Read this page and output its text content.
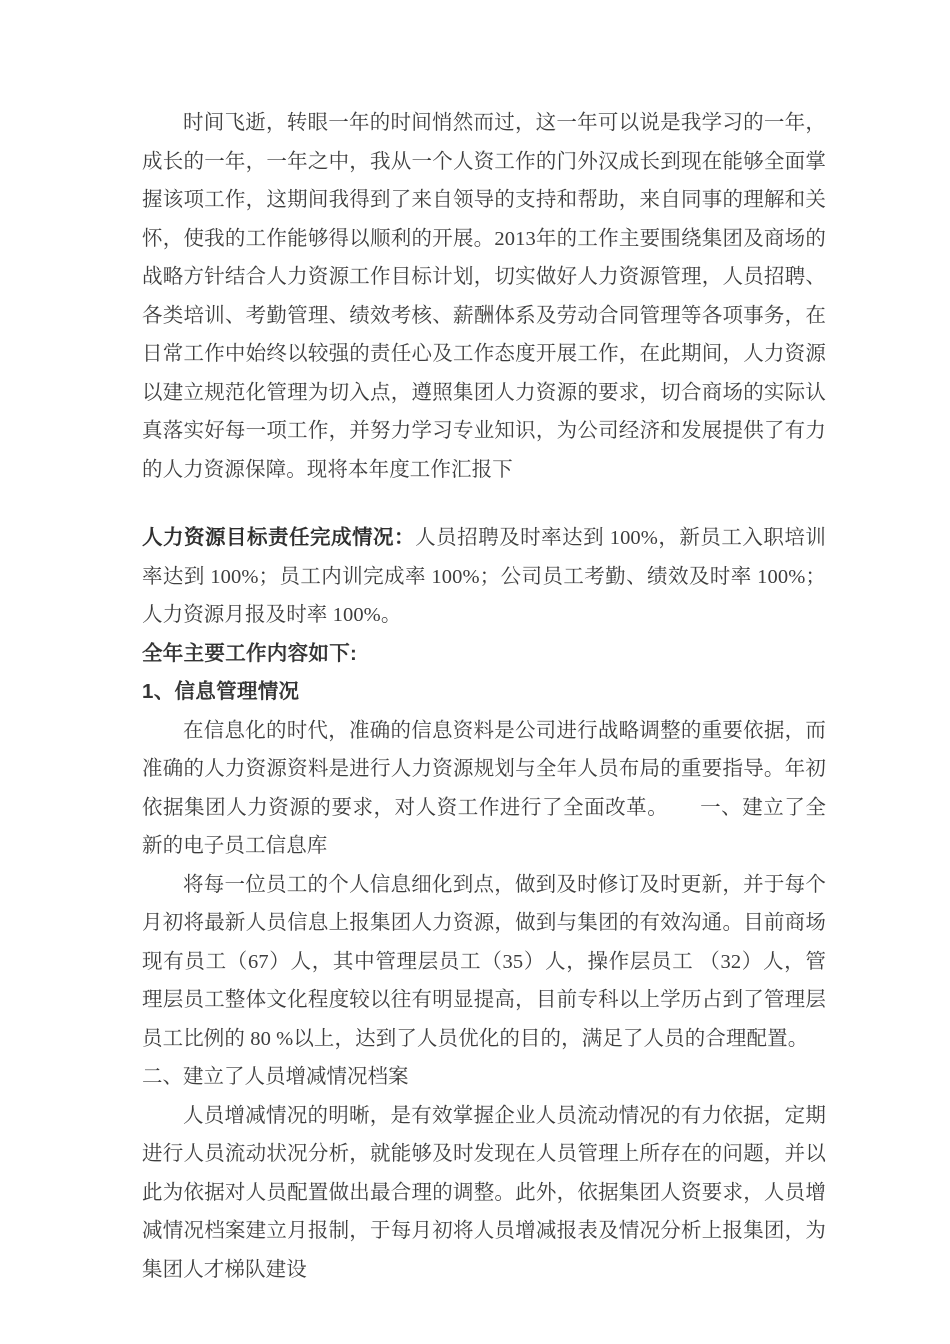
时间飞逝，转眼一年的时间悄然而过，这一年可以说是我学习的一年，成长的一年，一年之中，我从一个人资工作的门外汉成长到现在能够全面掌握该项工作，这期间我得到了来自领导的支持和帮助，来自同事的理解和关怀，使我的工作能够得以顺利的开展。2013年的工作主要围绕集团及商场的战略方针结合人力资源工作目标计划，切实做好人力资源管理，人员招聘、各类培训、考勤管理、绩效考核、薪酬体系及劳动合同管理等各项事务，在日常工作中始终以较强的责任心及工作态度开展工作，在此期间，人力资源以建立规范化管理为切入点，遵照集团人力资源的要求，切合商场的实际认真落实好每一项工作，并努力学习专业知识，为公司经济和发展提供了有力的人力资源保障。现将本年度工作汇报下

人力资源目标责任完成情况：人员招聘及时率达到 100%，新员工入职培训率达到 100%；员工内训完成率 100%；公司员工考勤、绩效及时率 100%；人力资源月报及时率 100%。

全年主要工作内容如下:

1、信息管理情况

在信息化的时代，准确的信息资料是公司进行战略调整的重要依据，而准确的人力资源资料是进行人力资源规划与全年人员布局的重要指导。年初依据集团人力资源的要求，对人资工作进行了全面改革。　　一、建立了全新的电子员工信息库

将每一位员工的个人信息细化到点，做到及时修订及时更新，并于每个月初将最新人员信息上报集团人力资源，做到与集团的有效沟通。目前商场现有员工（67）人，其中管理层员工（35）人，操作层员工 （32）人，管理层员工整体文化程度较以往有明显提高，目前专科以上学历占到了管理层员工比例的 80 %以上，达到了人员优化的目的，满足了人员的合理配置。

二、建立了人员增减情况档案

人员增减情况的明晰，是有效掌握企业人员流动情况的有力依据，定期进行人员流动状况分析，就能够及时发现在人员管理上所存在的问题，并以此为依据对人员配置做出最合理的调整。此外，依据集团人资要求，人员增减情况档案建立月报制，于每月初将人员增减报表及情况分析上报集团，为集团人才梯队建设
